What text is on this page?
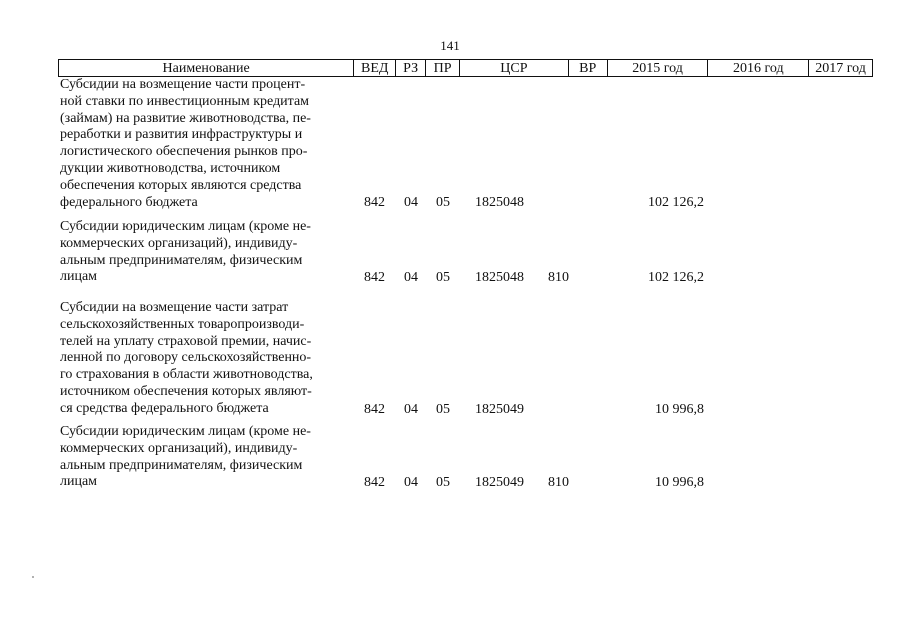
141
Наименование	ВЕД	РЗ	ПР	ЦСР	ВР	2015 год	2016 год	2017 год

Субсидии на возмещение части процент-
ной ставки по инвестиционным кредитам
(займам) на развитие животноводства, пе-
реработки и развития инфраструктуры и
логистического обеспечения рынков про-
дукции животноводства, источником
обеспечения которых являются средства
федерального бюджета	842 04 05 1825048	102 126,2

Субсидии юридическим лицам (кроме не-
коммерческих организаций), индивиду-
альным предпринимателям, физическим
лицам	842 04 05 1825048 810	102 126,2

Субсидии на возмещение части затрат
сельскохозяйственных товаропроизводи-
телей на уплату страховой премии, начис-
ленной по договору сельскохозяйственно-
го страхования в области животноводства,
источником обеспечения которых являют-
ся средства федерального бюджета	842 04 05 1825049	10 996,8

Субсидии юридическим лицам (кроме не-
коммерческих организаций), индивиду-
альным предпринимателям, физическим
лицам	842 04 05 1825049 810	10 996,8
